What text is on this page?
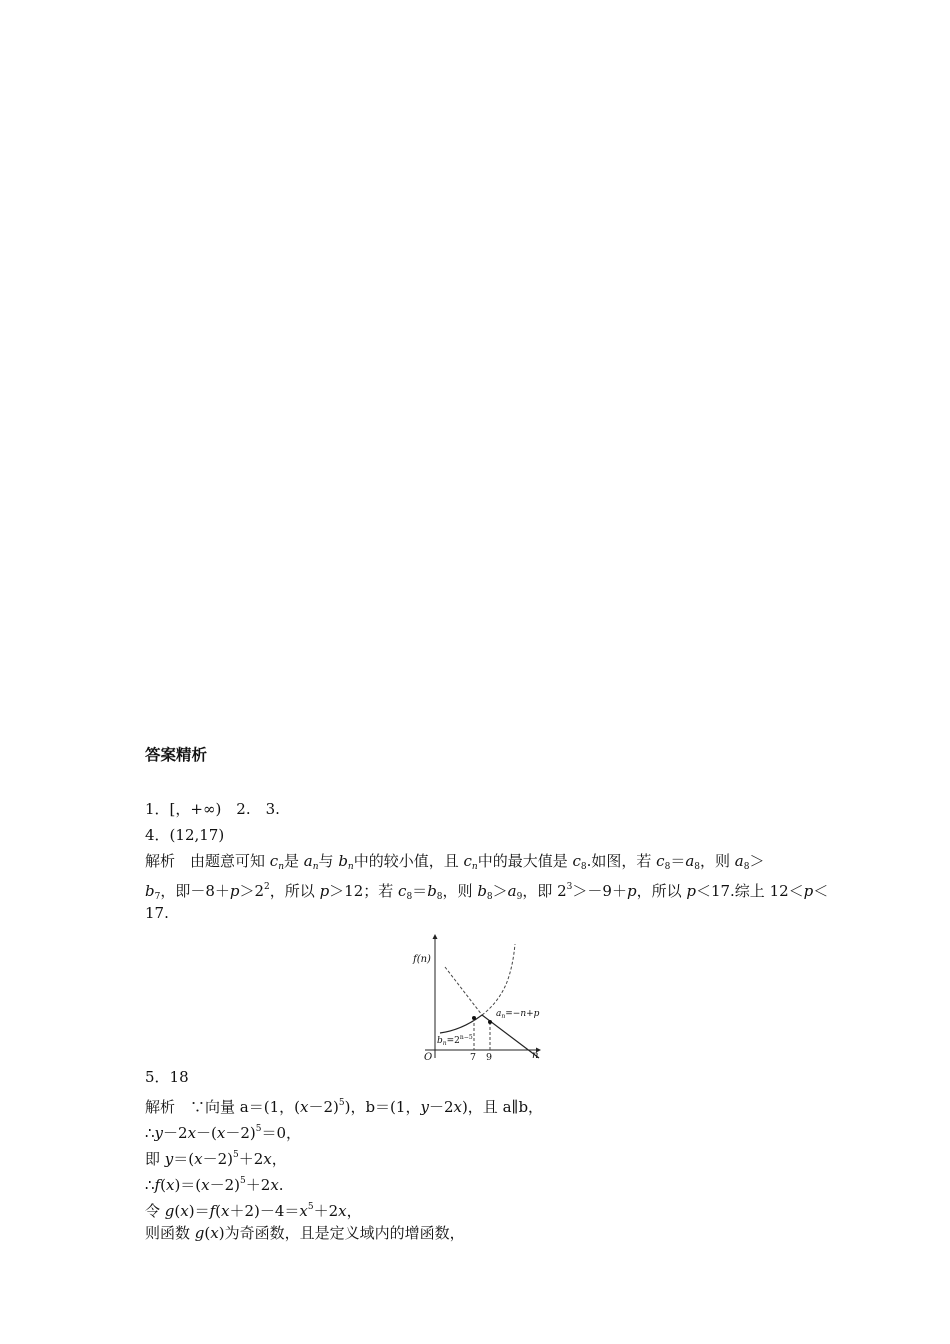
答案精析
1．[，+∞)　2.　3.
4．(12,17)
解析　由题意可知 $c_n$是 $a_n$与 $b_n$中的较小值，且 $c_n$中的最大值是 $c_8$.如图，若 $c_8=a_8$，则 $a_8>$
$b_7$，即$-8+p>2^2$，所以 p＞12；若 $c_8=b_8$，则 $b_8>a_9$，即 $2^3>-9+p$，所以 p＜17.综上 12＜p＜
17.
f(n)
O	n
7 9
$b_n=2^{n-5}$
$a_n=-n+p$
5．18
解析　∵向量 a＝(1，$(x-2)^5$)，b＝(1，y－2x)，且 a∥b，
$\therefore y-2x-(x-2)^5=0$，
即 $y=(x-2)^5+2x$，
$\therefore f(x)=(x-2)^5+2x$.
令 $g(x)=f(x+2)-4=x^5+2x$，
则函数 g(x)为奇函数，且是定义域内的增函数，
